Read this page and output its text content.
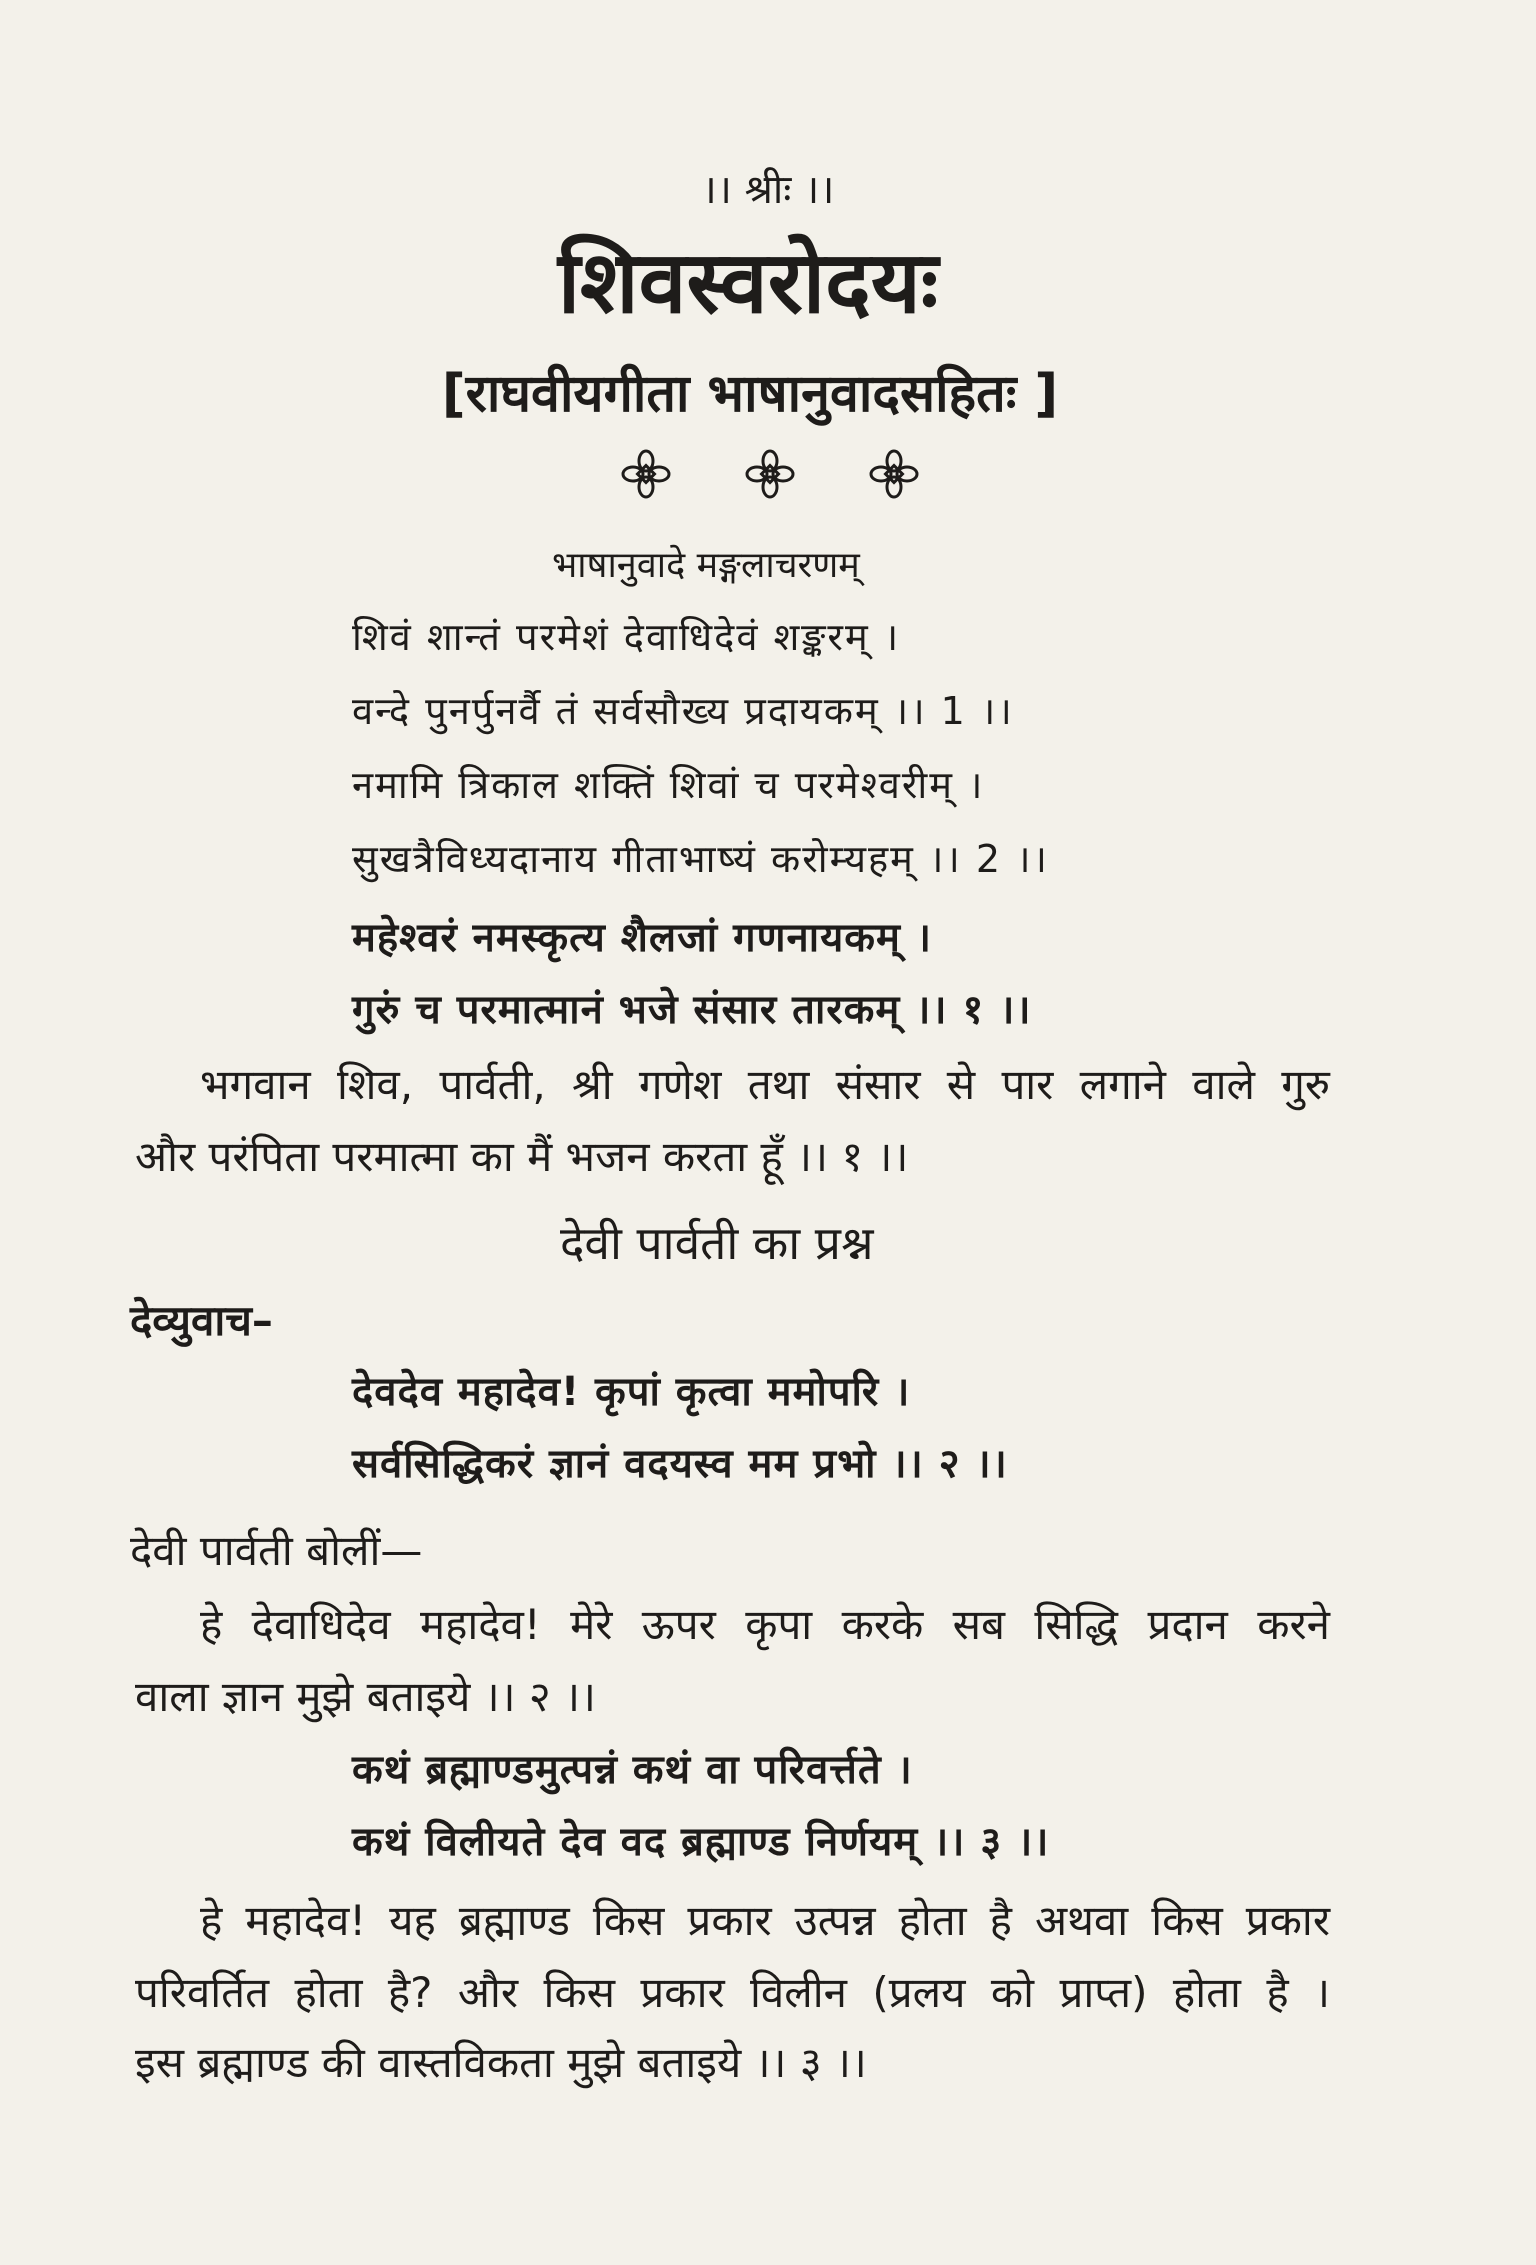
।। श्रीः ।।
शिवस्वरोदयः
[राघवीयगीता भाषानुवादसहितः ]
भाषानुवादे मङ्गलाचरणम्
शिवं शान्तं परमेशं देवाधिदेवं शङ्करम् ।
वन्दे पुनर्पुनर्वै तं सर्वसौख्य प्रदायकम् ।। 1 ।।
नमामि त्रिकाल शक्तिं शिवां च परमेश्वरीम् ।
सुखत्रैविध्यदानाय गीताभाष्यं करोम्यहम् ।। 2 ।।
महेश्वरं नमस्कृत्य शैलजां गणनायकम् ।
गुरुं च परमात्मानं भजे संसार तारकम् ।। १ ।।
भगवान शिव, पार्वती, श्री गणेश तथा संसार से पार लगाने वाले गुरु
और परंपिता परमात्मा का मैं भजन करता हूँ ।। १ ।।
देवी पार्वती का प्रश्न
देव्युवाच–
देवदेव महादेव! कृपां कृत्वा ममोपरि ।
सर्वसिद्धिकरं ज्ञानं वदयस्व मम प्रभो ।। २ ।।
देवी पार्वती बोलीं—
हे देवाधिदेव महादेव! मेरे ऊपर कृपा करके सब सिद्धि प्रदान करने
वाला ज्ञान मुझे बताइये ।। २ ।।
कथं ब्रह्माण्डमुत्पन्नं कथं वा परिवर्त्तते ।
कथं विलीयते देव वद ब्रह्माण्ड निर्णयम् ।। ३ ।।
हे महादेव! यह ब्रह्माण्ड किस प्रकार उत्पन्न होता है अथवा किस प्रकार
परिवर्तित होता है? और किस प्रकार विलीन (प्रलय को प्राप्त) होता है ।
इस ब्रह्माण्ड की वास्तविकता मुझे बताइये ।। ३ ।।
